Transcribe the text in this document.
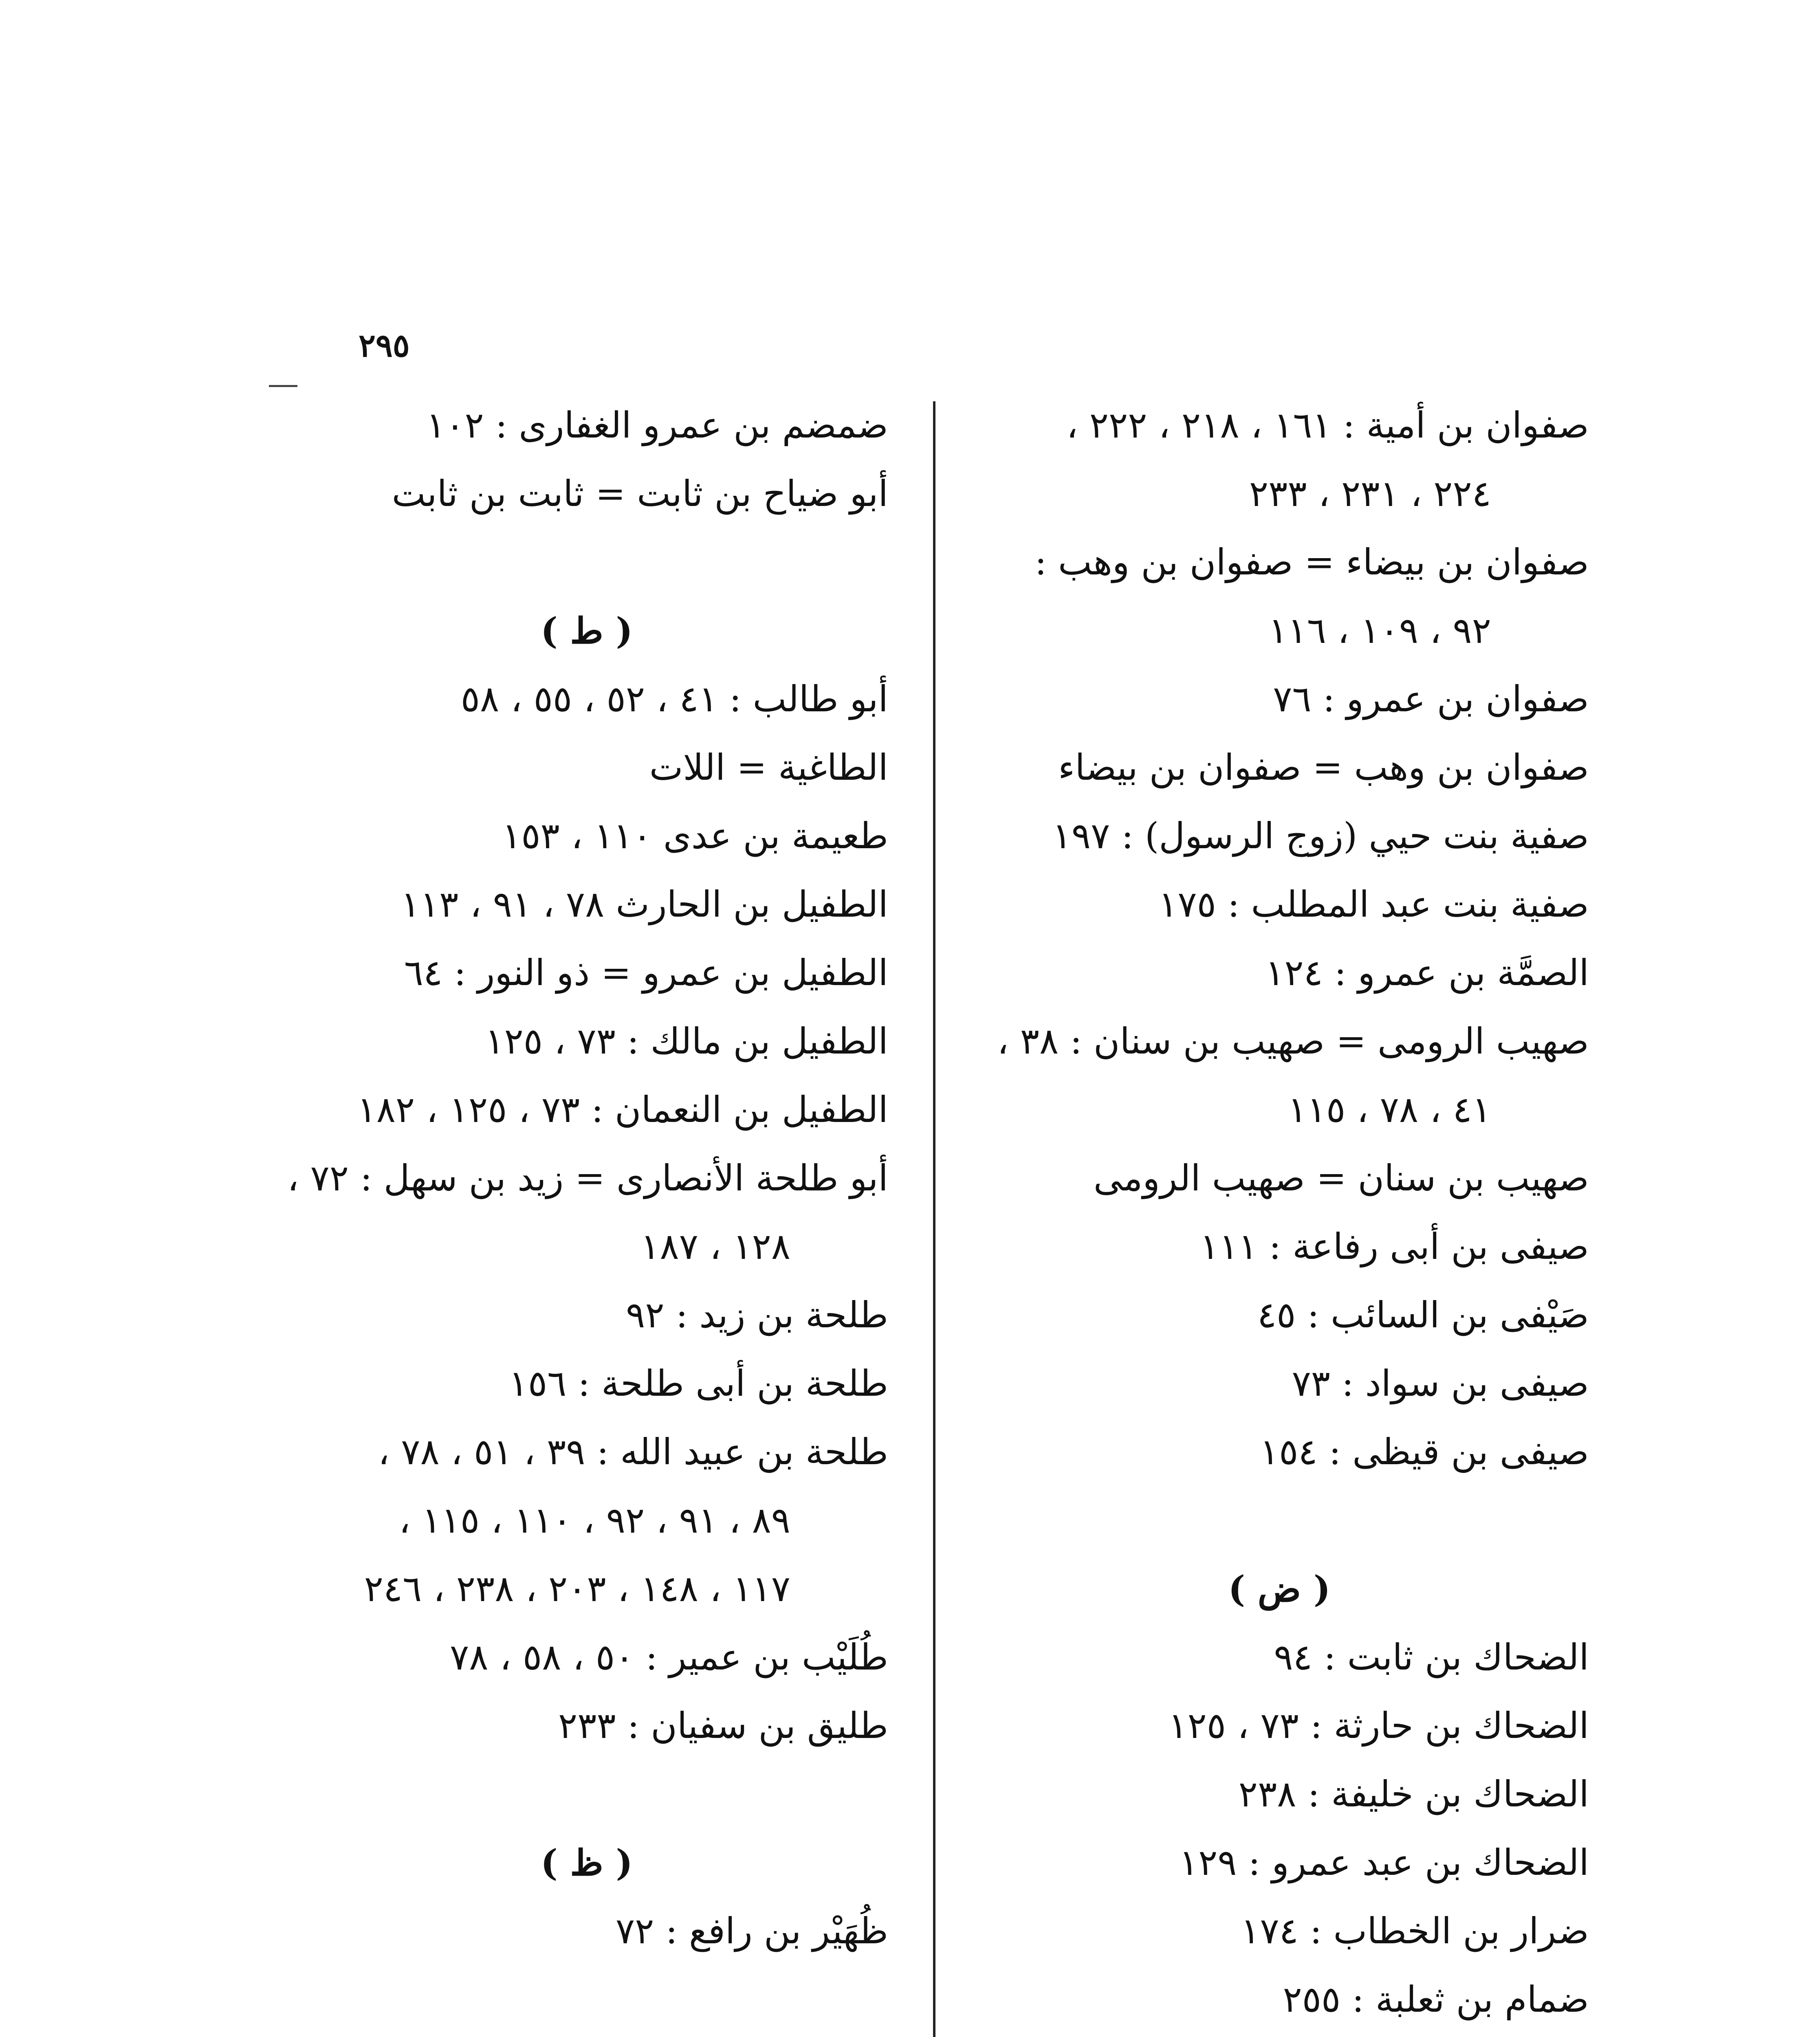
٢٩٥
صفوان بن أمية : ١٦١ ، ٢١٨ ، ٢٢٢ ،
٢٢٤ ، ٢٣١ ، ٢٣٣
صفوان بن بيضاء = صفوان بن وهب :
٩٢ ، ١٠٩ ، ١١٦
صفوان بن عمرو : ٧٦
صفوان بن وهب = صفوان بن بيضاء
صفية بنت حيي (زوج الرسول) : ١٩٧
صفية بنت عبد المطلب : ١٧٥
الصمَّة بن عمرو : ١٢٤
صهيب الرومى = صهيب بن سنان : ٣٨ ،
٤١ ، ٧٨ ، ١١٥
صهيب بن سنان = صهيب الرومى
صيفى بن أبى رفاعة : ١١١
صَيْفى بن السائب : ٤٥
صيفى بن سواد : ٧٣
صيفى بن قيظى : ١٥٤
( ض )
الضحاك بن ثابت : ٩٤
الضحاك بن حارثة : ٧٣ ، ١٢٥
الضحاك بن خليفة : ٢٣٨
الضحاك بن عبد عمرو : ١٢٩
ضرار بن الخطاب : ١٧٤
ضمام بن ثعلبة : ٢٥٥
ضمضم بن عمرو الغفارى : ١٠٢
أبو ضياح بن ثابت = ثابت بن ثابت
( ط )
أبو طالب : ٤١ ، ٥٢ ، ٥٥ ، ٥٨
الطاغية = اللات
طعيمة بن عدى ١١٠ ، ١٥٣
الطفيل بن الحارث ٧٨ ، ٩١ ، ١١٣
الطفيل بن عمرو = ذو النور : ٦٤
الطفيل بن مالك : ٧٣ ، ١٢٥
الطفيل بن النعمان : ٧٣ ، ١٢٥ ، ١٨٢
أبو طلحة الأنصارى = زيد بن سهل : ٧٢ ،
١٢٨ ، ١٨٧
طلحة بن زيد : ٩٢
طلحة بن أبى طلحة : ١٥٦
طلحة بن عبيد الله : ٣٩ ، ٥١ ، ٧٨ ،
٨٩ ، ٩١ ، ٩٢ ، ١١٠ ، ١١٥ ،
١١٧ ، ١٤٨ ، ٢٠٣ ، ٢٣٨ ، ٢٤٦
طُلَيْب بن عمير : ٥٠ ، ٥٨ ، ٧٨
طليق بن سفيان : ٢٣٣
( ظ )
ظُهَيْر بن رافع : ٧٢
